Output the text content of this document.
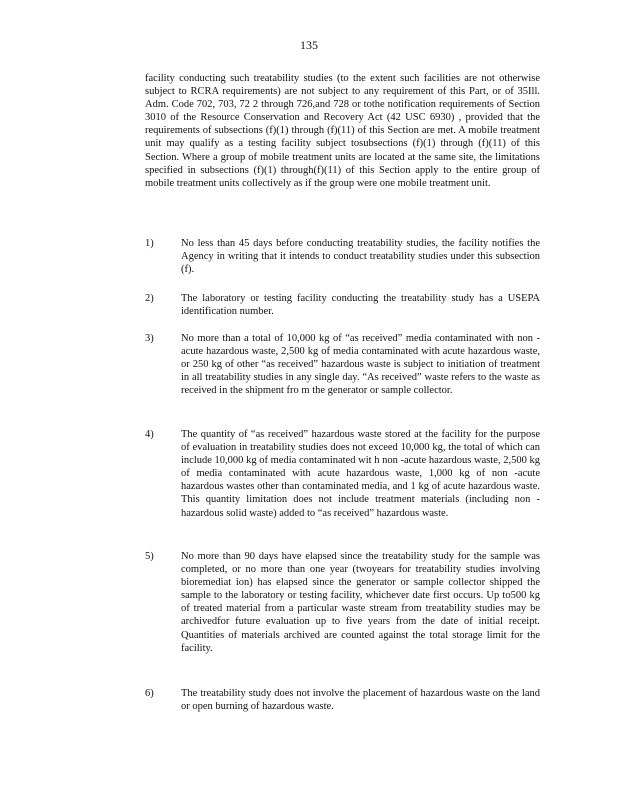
135
facility conducting such treatability studies (to the extent such facilities are not otherwise subject to RCRA requirements) are not subject to any requirement of this Part, or of 35Ill. Adm. Code 702, 703, 72 2 through 726,and 728 or tothe notification requirements of Section 3010 of the Resource Conservation and Recovery Act (42 USC 6930) , provided that the requirements of subsections (f)(1) through (f)(11) of this Section are met. A mobile treatment unit may qualify as a testing facility subject tosubsections (f)(1) through (f)(11) of this Section. Where a group of mobile treatment units are located at the same site, the limitations specified in subsections (f)(1) through(f)(11) of this Section apply to the entire group of mobile treatment units collectively as if the group were one mobile treatment unit.
1)	No less than 45 days before conducting treatability studies, the facility notifies the Agency in writing that it intends to conduct treatability studies under this subsection (f).
2)	The laboratory or testing facility conducting the treatability study has a USEPA identification number.
3)	No more than a total of 10,000 kg of “as received” media contaminated with non -acute hazardous waste, 2,500 kg of media contaminated with acute hazardous waste, or 250 kg of other “as received” hazardous waste is subject to initiation of treatment in all treatability studies in any single day. “As received” waste refers to the waste as received in the shipment fro m the generator or sample collector.
4)	The quantity of “as received” hazardous waste stored at the facility for the purpose of evaluation in treatability studies does not exceed 10,000 kg, the total of which can include 10,000 kg of media contaminated wit h non -acute hazardous waste, 2,500 kg of media contaminated with acute hazardous waste, 1,000 kg of non -acute hazardous wastes other than contaminated media, and 1 kg of acute hazardous waste. This quantity limitation does not include treatment materials (including non -hazardous solid waste) added to “as received” hazardous waste.
5)	No more than 90 days have elapsed since the treatability study for the sample was completed, or no more than one year (twoyears for treatability studies involving bioremediat ion) has elapsed since the generator or sample collector shipped the sample to the laboratory or testing facility, whichever date first occurs. Up to500 kg of treated material from a particular waste stream from treatability studies may be archivedfor future evaluation up to five years from the date of initial receipt. Quantities of materials archived are counted against the total storage limit for the facility.
6)	The treatability study does not involve the placement of hazardous waste on the land or open burning of hazardous waste.
